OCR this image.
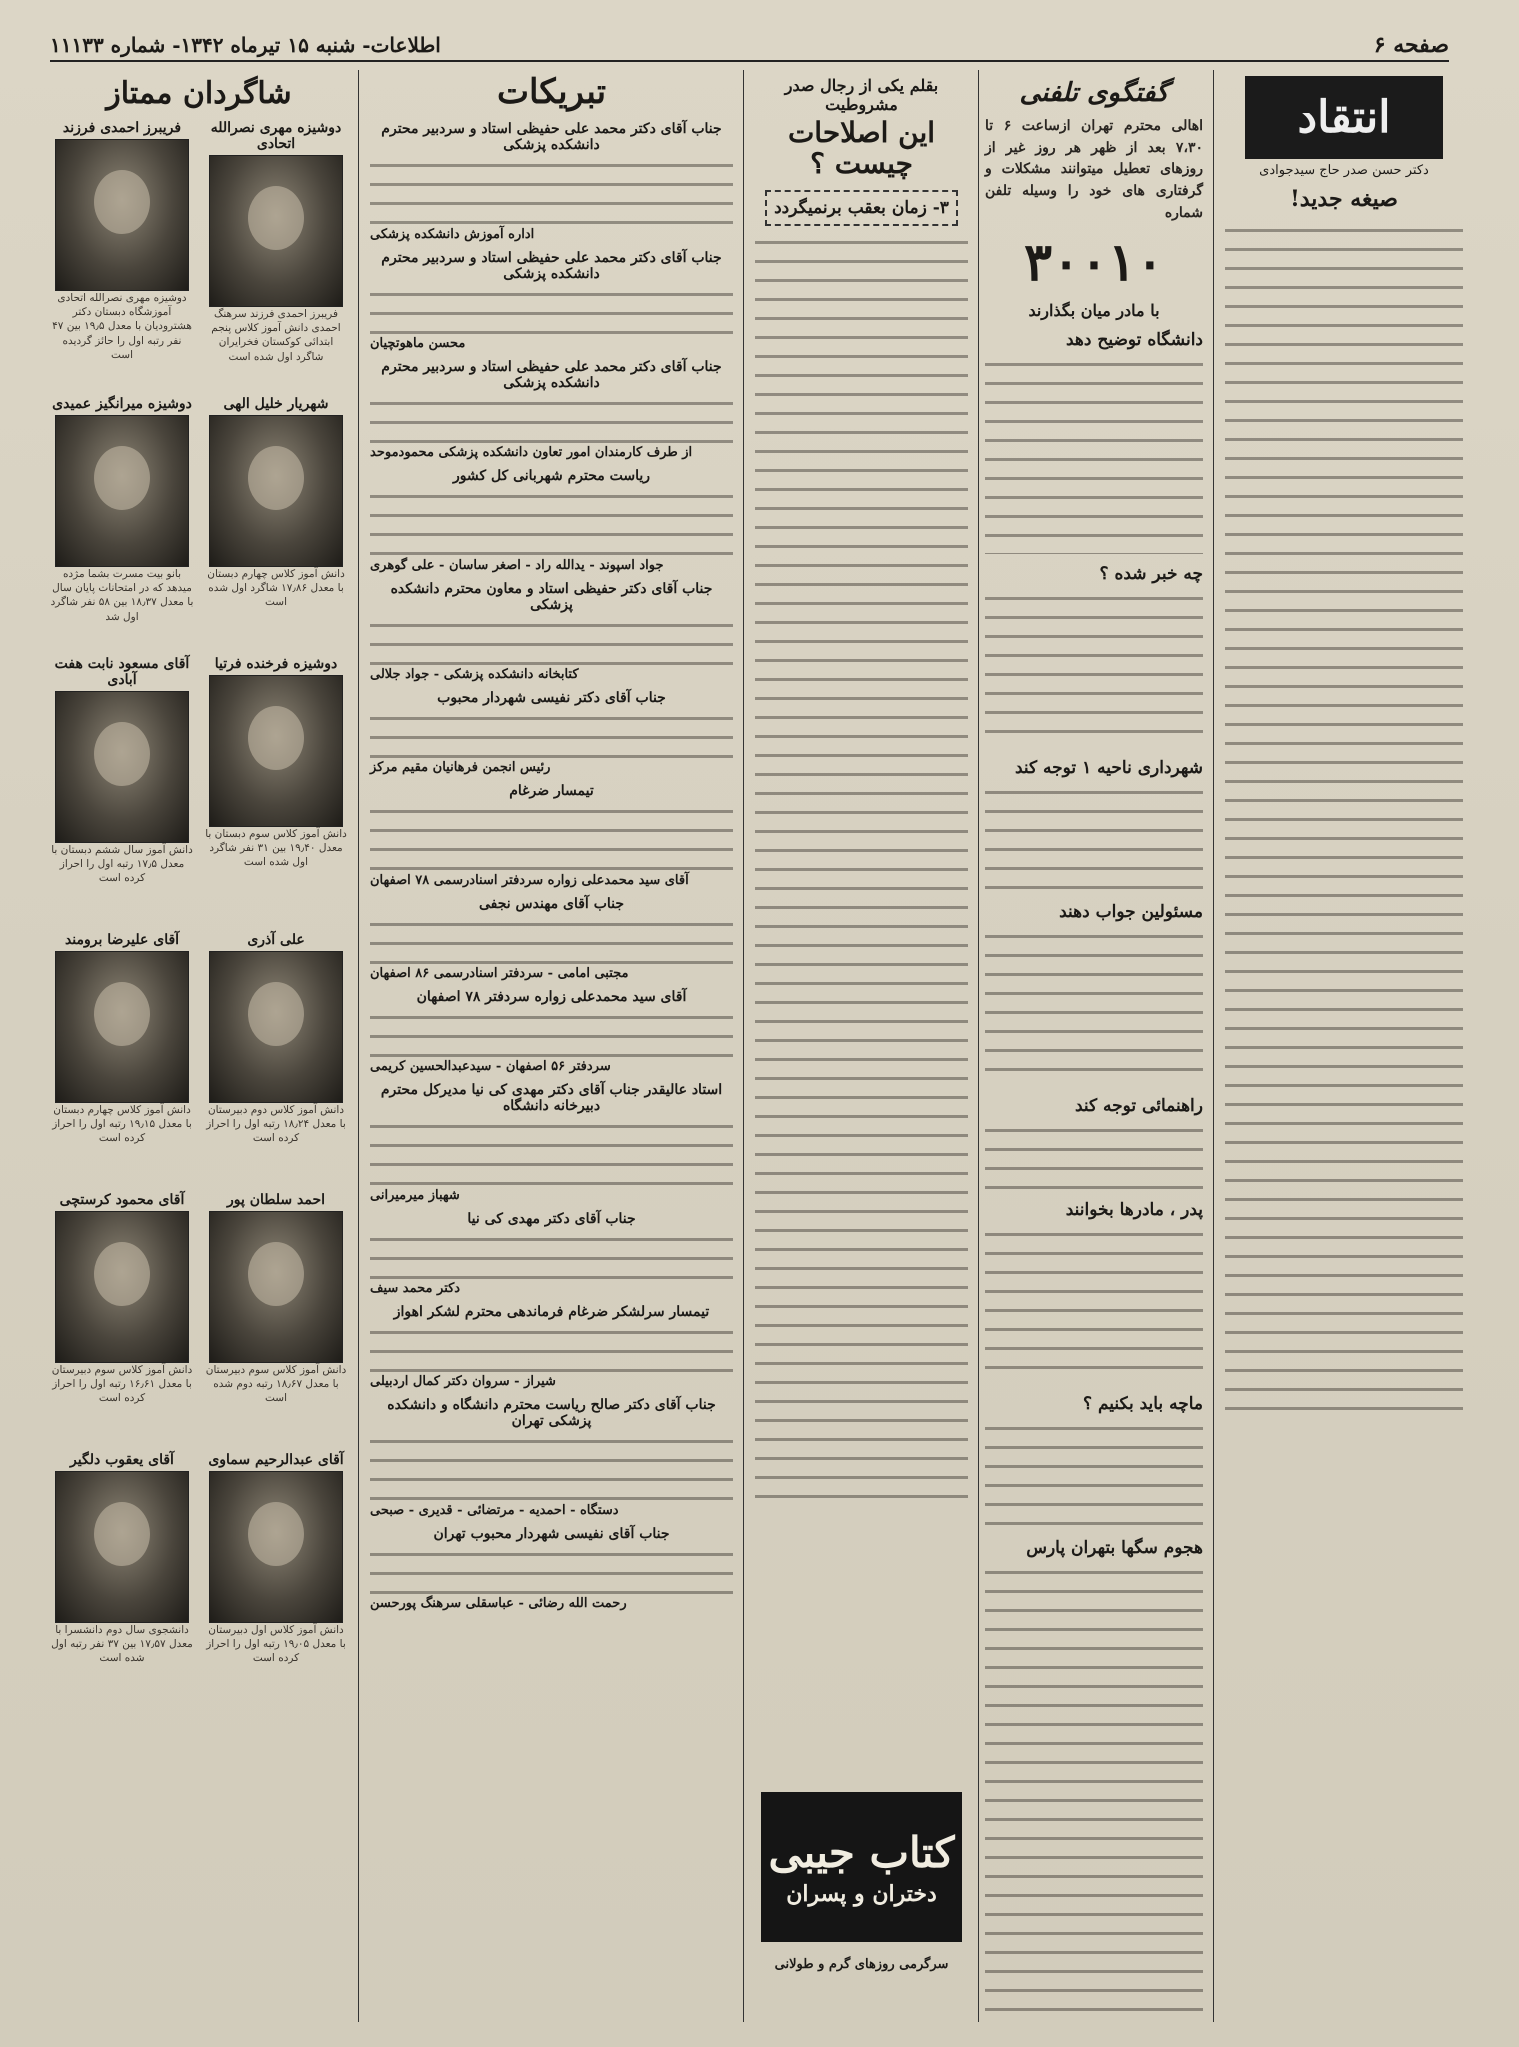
صفحه ۶
اطلاعات- شنبه ۱۵ تیرماه ۱۳۴۲- شماره ۱۱۱۳۳
انتقاد
دکتر حسن صدر حاج سیدجوادی
صیغه جدید!
گفتگوی تلفنی
اهالی محترم تهران ازساعت ۶ تا ۷،۳۰ بعد از ظهر هر روز غیر از روزهای تعطیل میتوانند مشکلات و گرفتاری های خود را وسیله تلفن شماره
۳۰۰۱۰
با مادر میان بگذارند
دانشگاه توضیح دهد
چه خبر شده ؟
شهرداری ناحیه ۱ توجه کند
مسئولین جواب دهند
راهنمائی توجه کند
پدر ، مادرها بخوانند
ماچه باید بکنیم ؟
هجوم سگها بتهران پارس
بقلم یکی از رجال صدر مشروطیت
این اصلاحات چیست ؟
۳- زمان بعقب برنمیگردد
کتاب جیبی
دختران و پسران
سرگرمی روزهای گرم و طولانی
تبریکات
جناب آقای دکتر محمد علی حفیظی استاد و سردبیر محترم دانشکده پزشکی
اداره آموزش دانشکده پزشکی
جناب آقای دکتر محمد علی حفیظی استاد و سردبیر محترم دانشکده پزشکی
محسن ماهوتچیان
جناب آقای دکتر محمد علی حفیظی استاد و سردبیر محترم دانشکده پزشکی
از طرف کارمندان امور تعاون دانشکده پزشکی محمودموحد
ریاست محترم شهربانی کل کشور
جواد اسپوند - یدالله راد - اصغر ساسان - علی گوهری
جناب آقای دکتر حفیظی استاد و معاون محترم دانشکده پزشکی
کتابخانه دانشکده پزشکی - جواد جلالی
جناب آقای دکتر نفیسی شهردار محبوب
رئیس انجمن فرهانیان مقیم مرکز
تیمسار ضرغام
آقای سید محمدعلی زواره سردفتر اسنادرسمی ۷۸ اصفهان
جناب آقای مهندس نجفی
مجتبی امامی - سردفتر اسنادرسمی ۸۶ اصفهان
آقای سید محمدعلی زواره سردفتر ۷۸ اصفهان
سردفتر ۵۶ اصفهان - سیدعبدالحسین کریمی
استاد عالیقدر جناب آقای دکتر مهدی کی نیا مدیرکل محترم دبیرخانه دانشگاه
شهباز میرمیرانی
جناب آقای دکتر مهدی کی نیا
دکتر محمد سیف
تیمسار سرلشکر ضرغام فرماندهی محترم لشکر اهواز
شیراز - سروان دکتر کمال اردبیلی
جناب آقای دکتر صالح ریاست محترم دانشگاه و دانشکده پزشکی تهران
دستگاه - احمدیه - مرتضائی - قدیری - صبحی
جناب آقای نفیسی شهردار محبوب تهران
رحمت الله رضائی - عباسقلی سرهنگ پورحسن
شاگردان ممتاز
دوشیزه مهری نصرالله اتحادی
فریبرز احمدی فرزند سرهنگ احمدی دانش آموز کلاس پنجم ابتدائی کوکستان فخرایران شاگرد اول شده است
فریبرز احمدی فرزند
دوشیزه مهری نصرالله اتحادی آموزشگاه دبستان دکتر هشترودیان با معدل ۱۹٫۵ بین ۴۷ نفر رتبه اول را حائز گردیده است
شهریار خلیل الهی
دانش آموز کلاس چهارم دبستان با معدل ۱۷٫۸۶ شاگرد اول شده است
دوشیزه میرانگیز عمیدی
بانو بیت مسرت بشما مژده میدهد که در امتحانات پایان سال با معدل ۱۸٫۳۷ بین ۵۸ نفر شاگرد اول شد
دوشیزه فرخنده فرتیا
دانش آموز کلاس سوم دبستان با معدل ۱۹٫۴۰ بین ۳۱ نفر شاگرد اول شده است
آقای مسعود نابت هفت آبادی
دانش آموز سال ششم دبستان با معدل ۱۷٫۵ رتبه اول را احراز کرده است
علی آذری
دانش آموز کلاس دوم دبیرستان با معدل ۱۸٫۲۴ رتبه اول را احراز کرده است
آقای علیرضا برومند
دانش آموز کلاس چهارم دبستان با معدل ۱۹٫۱۵ رتبه اول را احراز کرده است
احمد سلطان پور
دانش آموز کلاس سوم دبیرستان با معدل ۱۸٫۶۷ رتبه دوم شده است
آقای محمود کرستچی
دانش آموز کلاس سوم دبیرستان با معدل ۱۶٫۶۱ رتبه اول را احراز کرده است
آقای عبدالرحیم سماوی
دانش آموز کلاس اول دبیرستان با معدل ۱۹٫۰۵ رتبه اول را احراز کرده است
آقای یعقوب دلگیر
دانشجوی سال دوم دانشسرا با معدل ۱۷٫۵۷ بین ۳۷ نفر رتبه اول شده است
